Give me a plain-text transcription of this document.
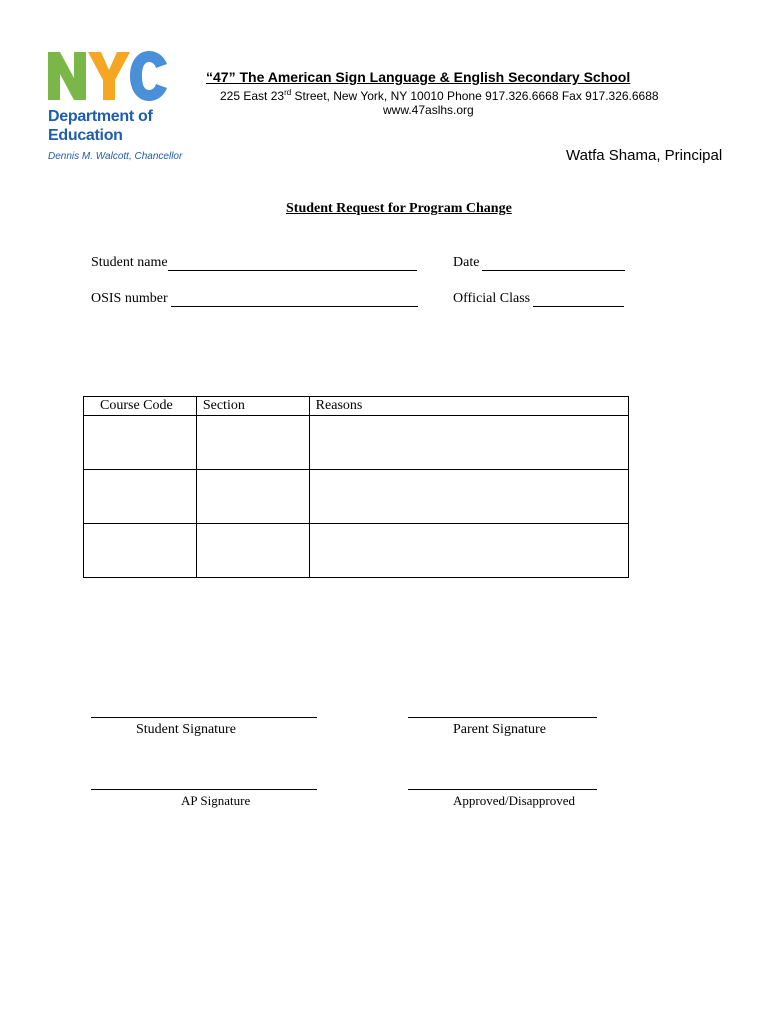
Department of
Education
Dennis M. Walcott, Chancellor
“47” The American Sign Language & English Secondary School
225 East 23rd Street, New York, NY 10010 Phone 917.326.6668 Fax 917.326.6688
www.47aslhs.org
Watfa Shama, Principal
Student Request for Program Change
Student name	Date
OSIS number	Official Class
Course Code	Section	Reasons

Student Signature	Parent Signature
AP Signature	Approved/Disapproved
